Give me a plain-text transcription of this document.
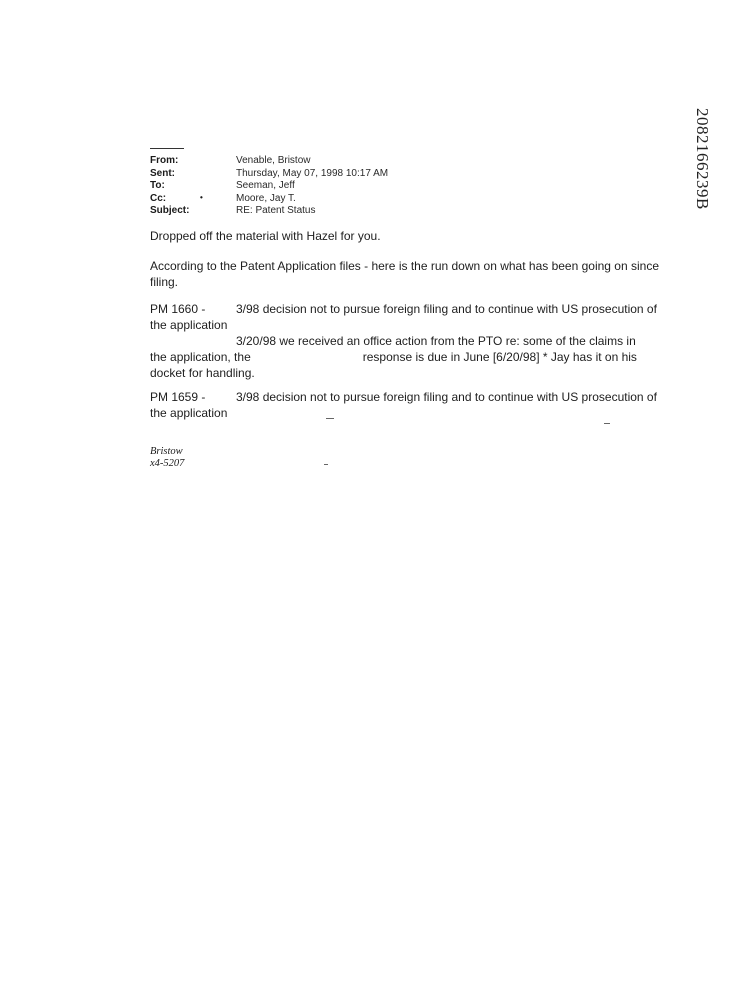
2082166239B
From:	Venable, Bristow
Sent:	Thursday, May 07, 1998 10:17 AM
To:	Seeman, Jeff
Cc:	Moore, Jay T.
Subject:	RE: Patent Status
•
Dropped off the material with Hazel for you.
According to the Patent Application files - here is the run down on what has been going on since filing.
PM 1660 -	3/98 decision not to pursue foreign filing and to continue with US prosecution of
the application
3/20/98 we received an office action from the PTO re: some of the claims in
the application, the	response is due in June [6/20/98] * Jay has it on his
docket for handling.
PM 1659 -	3/98 decision not to pursue foreign filing and to continue with US prosecution of
the application
Bristow
x4-5207
